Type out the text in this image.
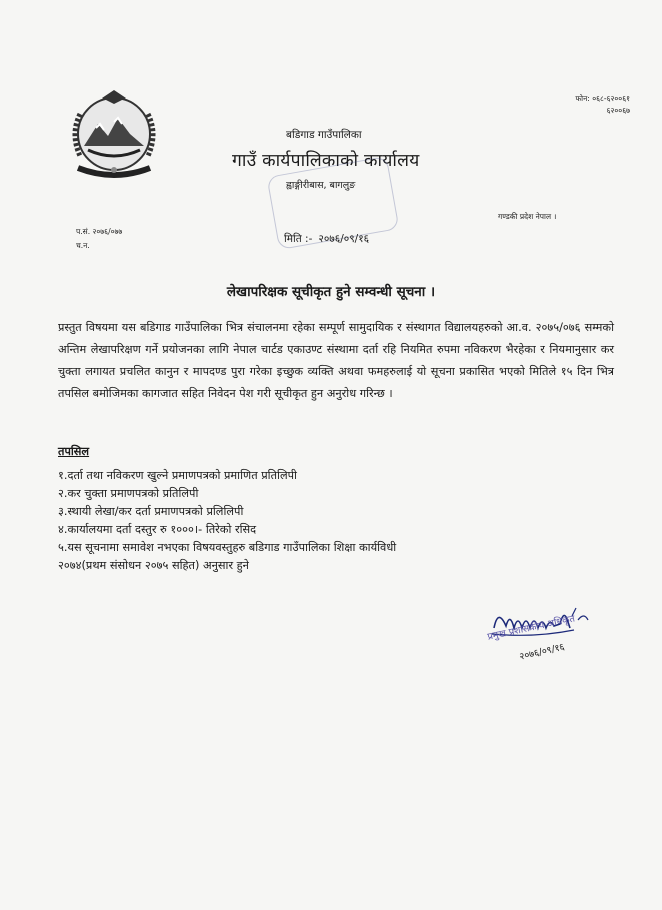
फोन: ०६८-६२००६१
६२००६७
बडिगाड गाउँपालिका
गाउँ कार्यपालिकाको कार्यालय
ह्वाङ्गीरीबास, बागलुङ
गण्डकी प्रदेश नेपाल ।
प.सं. २०७६/०७७
च.न.
मिति :- २०७६/०९/१६
लेखापरिक्षक सूचीकृत हुने सम्वन्धी सूचना ।
प्रस्तुत विषयमा यस बडिगाड गाउँपालिका भित्र संचालनमा रहेका सम्पूर्ण सामुदायिक र संस्थागत विद्यालयहरुको आ.व. २०७५/०७६ सम्मको अन्तिम लेखापरिक्षण गर्ने प्रयोजनका लागि नेपाल चार्टड एकाउण्ट संस्थामा दर्ता रहि नियमित रुपमा नविकरण भैरहेका र नियमानुसार कर चुक्ता लगायत प्रचलित कानुन र मापदण्ड पुरा गरेका इच्छुक व्यक्ति अथवा फमहरुलाई यो सूचना प्रकासित भएको मितिले १५ दिन भित्र तपसिल बमोजिमका कागजात सहित निवेदन पेश गरी सूचीकृत हुन अनुरोध गरिन्छ ।
तपसिल
१.दर्ता तथा नविकरण खुल्ने प्रमाणपत्रको प्रमाणित प्रतिलिपी
२.कर चुक्ता प्रमाणपत्रको प्रतिलिपी
३.स्थायी लेखा/कर दर्ता प्रमाणपत्रको प्रलिलिपी
४.कार्यालयमा दर्ता दस्तुर रु १०००।- तिरेको रसिद
५.यस सूचनामा समावेश नभएका विषयवस्तुहरु बडिगाड गाउँपालिका शिक्षा कार्यविधी
२०७४(प्रथम संसोधन २०७५ सहित) अनुसार हुने
प्रमुख प्रशासकीय अधिकृत
२०७६/०९/१६
